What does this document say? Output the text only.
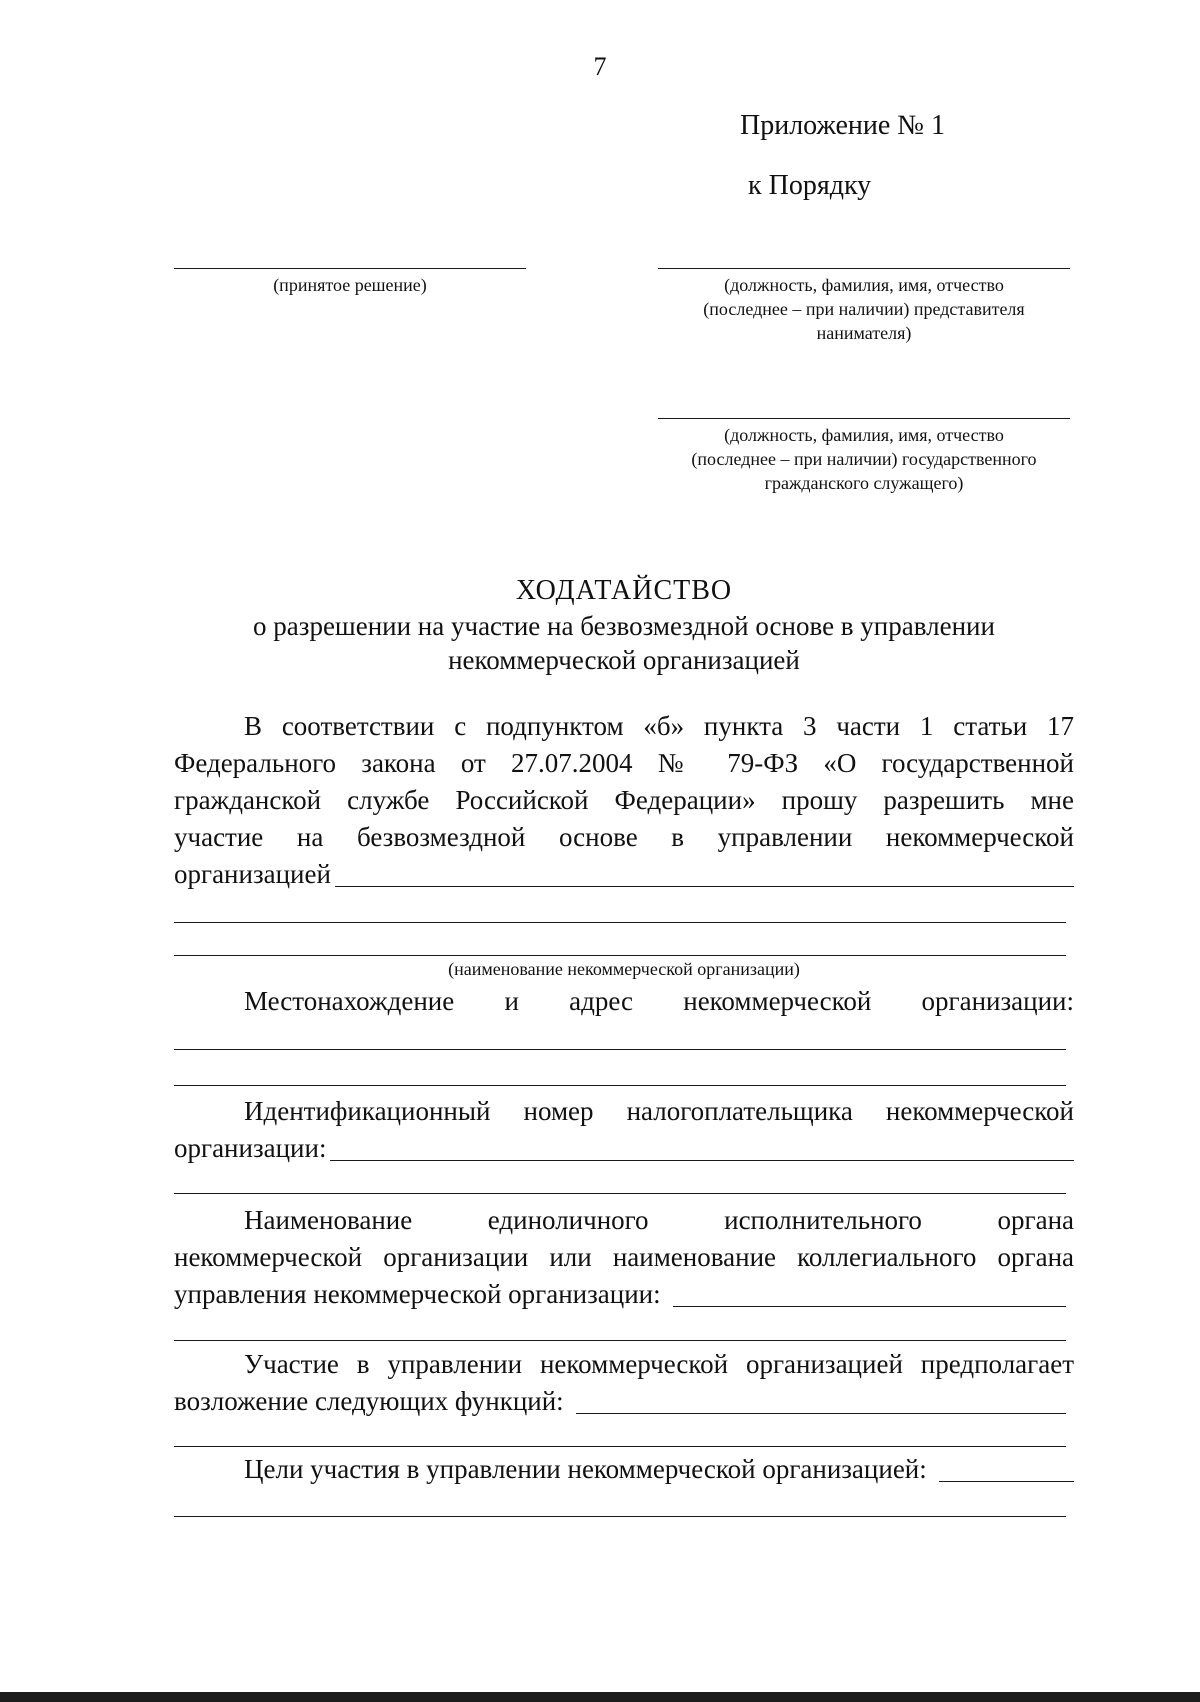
7
Приложение № 1
к Порядку
(принятое решение)	(должность, фамилия, имя, отчество
(последнее – при наличии) представителя
нанимателя)
(должность, фамилия, имя, отчество
(последнее – при наличии) государственного
гражданского служащего)
ХОДАТАЙСТВО
о разрешении на участие на безвозмездной основе в управлении
некоммерческой организацией
В соответствии с подпунктом «б» пункта 3 части 1 статьи 17
Федерального закона от 27.07.2004 № 79-ФЗ «О государственной
гражданской службе Российской Федерации» прошу разрешить мне
участие на безвозмездной основе в управлении некоммерческой
организацией
(наименование некоммерческой организации)
Местонахождение и адрес некоммерческой организации:
Идентификационный номер налогоплательщика некоммерческой
организации:
Наименование единоличного исполнительного органа
некоммерческой организации или наименование коллегиального органа
управления некоммерческой организации:
Участие в управлении некоммерческой организацией предполагает
возложение следующих функций:
Цели участия в управлении некоммерческой организацией:
